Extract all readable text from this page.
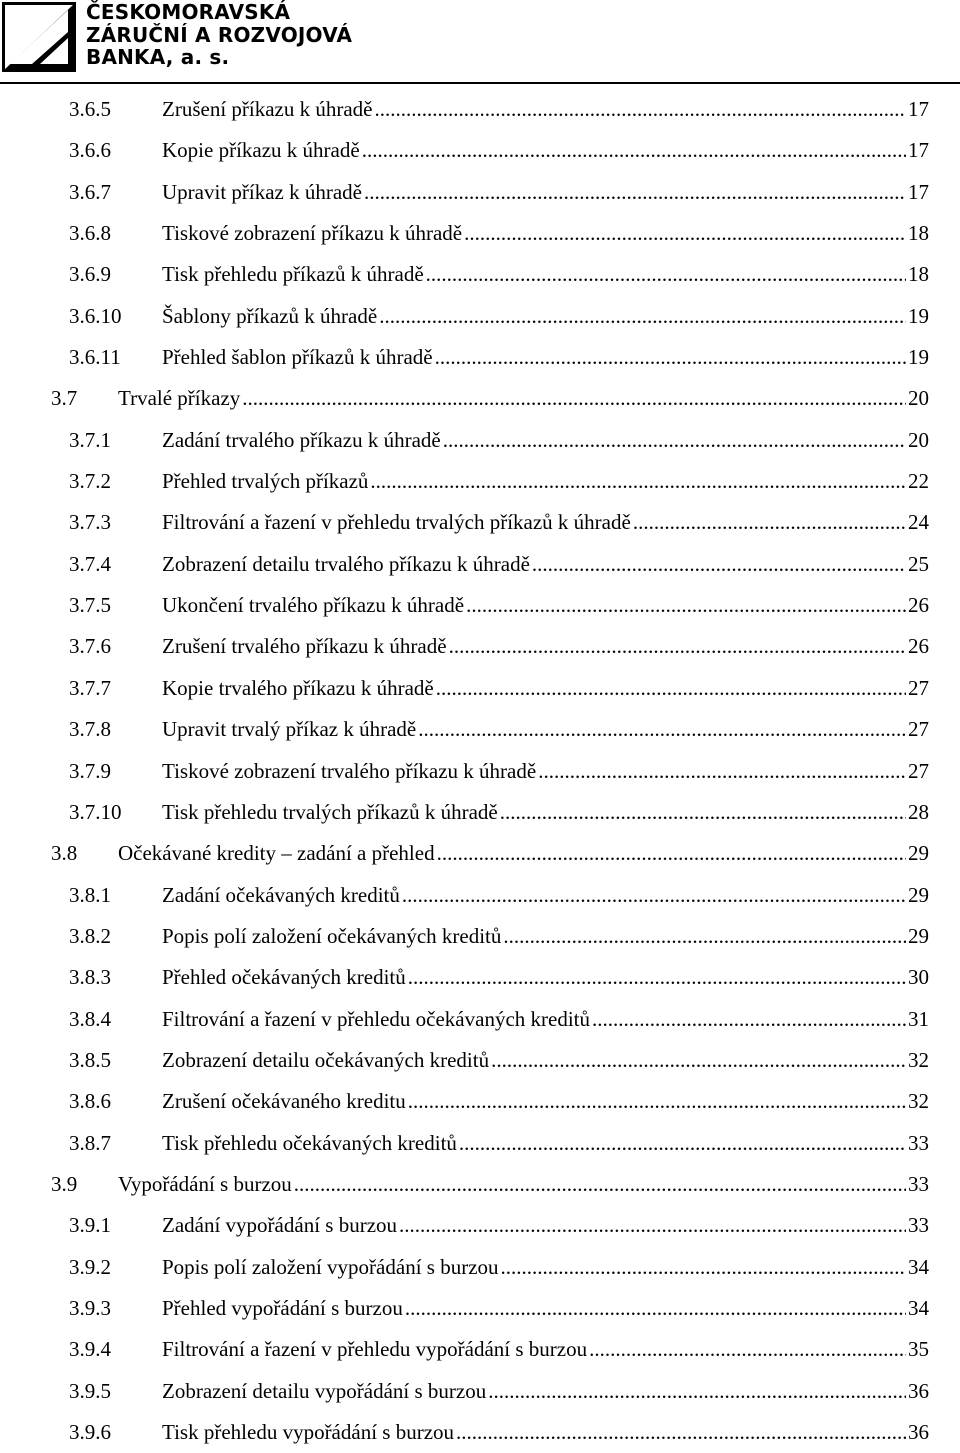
ČESKOMORAVSKÁ
ZÁRUČNÍ A ROZVOJOVÁ
BANKA, a. s.
3.6.5 Zrušení příkazu k úhradě .....	17
3.6.6 Kopie příkazu k úhradě .....	17
3.6.7 Upravit příkaz k úhradě .....	17
3.6.8 Tiskové zobrazení příkazu k úhradě .....	18
3.6.9 Tisk přehledu příkazů k úhradě .....	18
3.6.10 Šablony příkazů k úhradě .....	19
3.6.11 Přehled šablon příkazů k úhradě .....	19
3.7 Trvalé příkazy .....	20
3.7.1 Zadání trvalého příkazu k úhradě .....	20
3.7.2 Přehled trvalých příkazů .....	22
3.7.3 Filtrování a řazení v přehledu trvalých příkazů k úhradě .....	24
3.7.4 Zobrazení detailu trvalého příkazu k úhradě .....	25
3.7.5 Ukončení trvalého příkazu k úhradě .....	26
3.7.6 Zrušení trvalého příkazu k úhradě .....	26
3.7.7 Kopie trvalého příkazu k úhradě .....	27
3.7.8 Upravit trvalý příkaz k úhradě .....	27
3.7.9 Tiskové zobrazení trvalého příkazu k úhradě .....	27
3.7.10 Tisk přehledu trvalých příkazů k úhradě .....	28
3.8 Očekávané kredity – zadání a přehled .....	29
3.8.1 Zadání očekávaných kreditů .....	29
3.8.2 Popis polí založení očekávaných kreditů .....	29
3.8.3 Přehled očekávaných kreditů .....	30
3.8.4 Filtrování a řazení v přehledu očekávaných kreditů .....	31
3.8.5 Zobrazení detailu očekávaných kreditů .....	32
3.8.6 Zrušení očekávaného kreditu .....	32
3.8.7 Tisk přehledu očekávaných kreditů .....	33
3.9 Vypořádání s burzou .....	33
3.9.1 Zadání vypořádání s burzou .....	33
3.9.2 Popis polí založení vypořádání s burzou .....	34
3.9.3 Přehled vypořádání s burzou .....	34
3.9.4 Filtrování a řazení v přehledu vypořádání s burzou .....	35
3.9.5 Zobrazení detailu vypořádání s burzou .....	36
3.9.6 Tisk přehledu vypořádání s burzou .....	36
